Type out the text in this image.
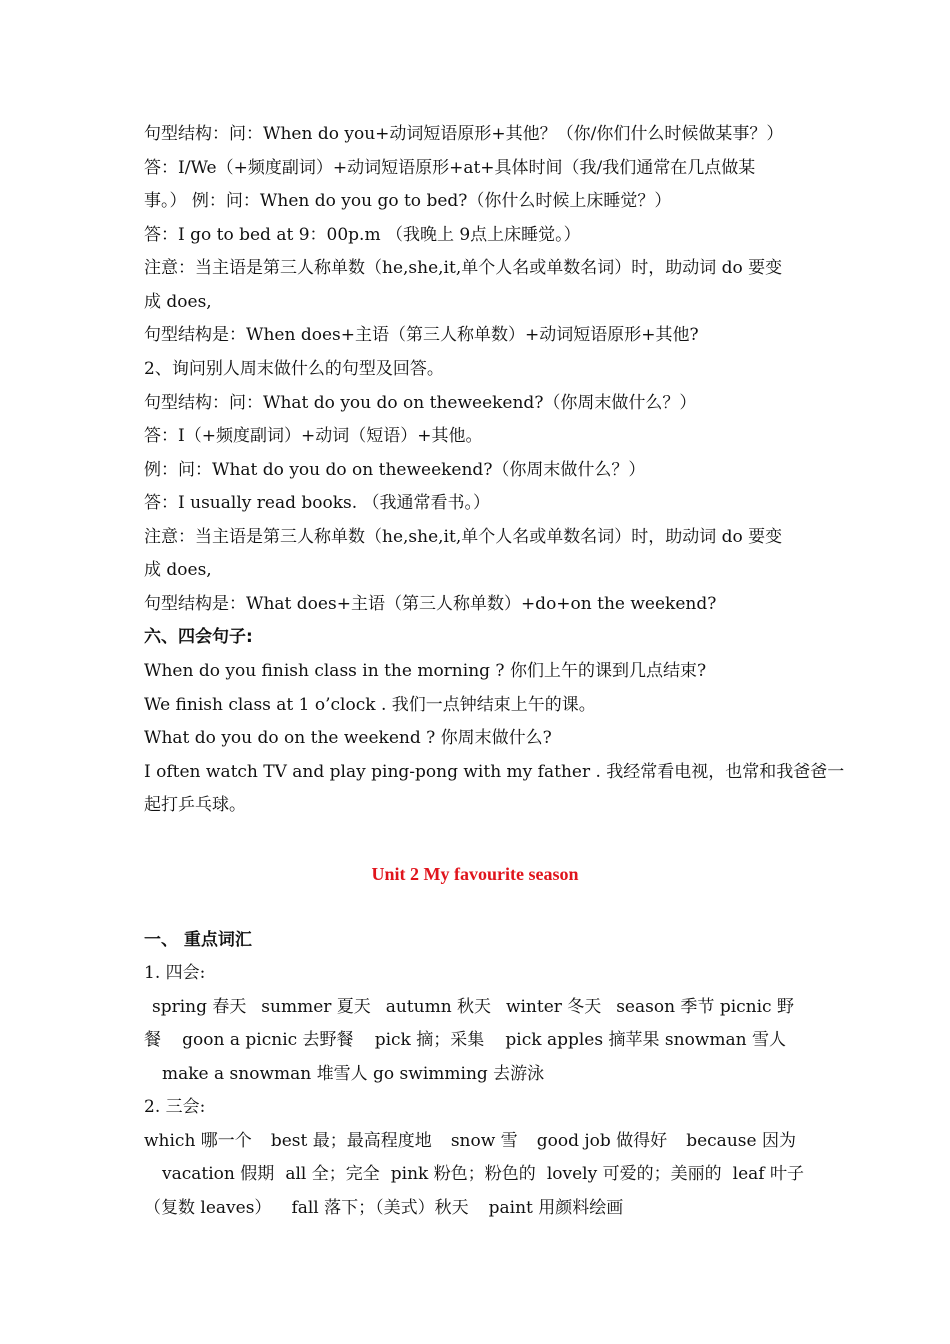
句型结构：问：When do you+动词短语原形+其他？（你/你们什么时候做某事？）
答：I/We（+频度副词）+动词短语原形+at+具体时间（我/我们通常在几点做某
事。） 例：问：When do you go to bed?（你什么时候上床睡觉？）
答：I go to bed at 9：00p.m （我晚上 9点上床睡觉。）
注意：当主语是第三人称单数（he,she,it,单个人名或单数名词）时，助动词 do 要变
成 does,
句型结构是：When does+主语（第三人称单数）+动词短语原形+其他?
2、询问别人周末做什么的句型及回答。
句型结构：问：What do you do on theweekend?（你周末做什么？）
答：I（+频度副词）+动词（短语）+其他。
例：问：What do you do on theweekend?（你周末做什么？）
答：I usually read books. （我通常看书。）
注意：当主语是第三人称单数（he,she,it,单个人名或单数名词）时，助动词 do 要变
成 does,
句型结构是：What does+主语（第三人称单数）+do+on the weekend?
六、四会句子:
When do you finish class in the morning ? 你们上午的课到几点结束?
We finish class at 1 o’clock . 我们一点钟结束上午的课。
What do you do on the weekend ? 你周末做什么?
I often watch TV and play ping-pong with my father . 我经常看电视，也常和我爸爸一
起打乒乓球。
Unit 2 My favourite season
一、 重点词汇
1. 四会:
spring 春天 summer 夏天 autumn 秋天 winter 冬天 season 季节 picnic 野
餐 goon a picnic 去野餐 pick 摘；采集 pick apples 摘苹果 snowman 雪人
make a snowman 堆雪人 go swimming 去游泳
2. 三会:
which 哪一个 best 最；最高程度地 snow 雪 good job 做得好 because 因为
vacation 假期 all 全；完全 pink 粉色；粉色的 lovely 可爱的；美丽的 leaf 叶子
（复数 leaves） fall 落下；（美式）秋天 paint 用颜料绘画
